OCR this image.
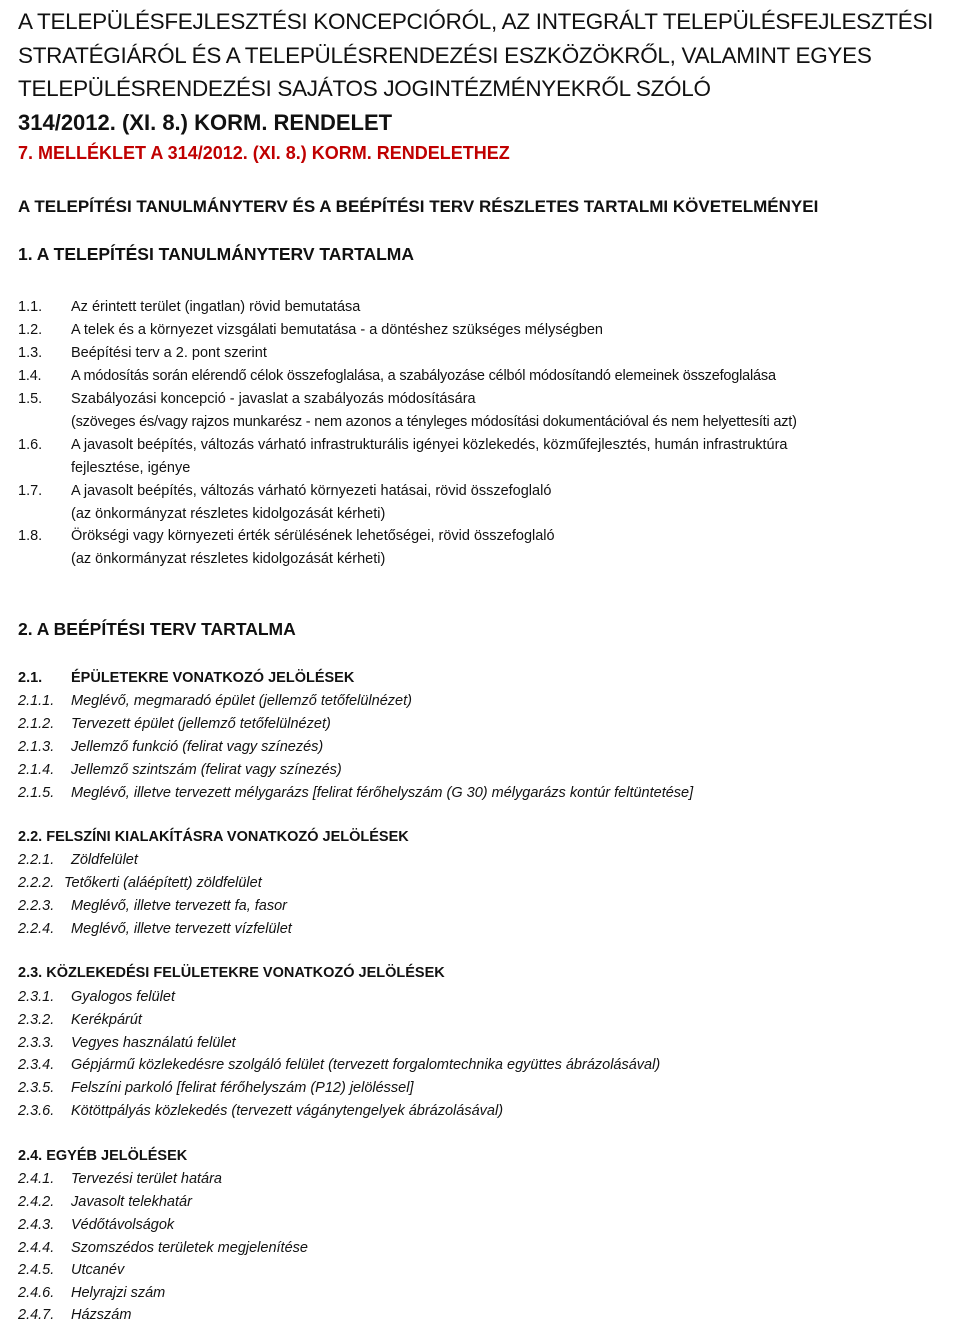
A TELEPÜLÉSFEJLESZTÉSI KONCEPCIÓRÓL, AZ INTEGRÁLT TELEPÜLÉSFEJLESZTÉSI
STRATÉGIÁRÓL ÉS A TELEPÜLÉSRENDEZÉSI ESZKÖZÖKRŐL, VALAMINT EGYES
TELEPÜLÉSRENDEZÉSI SAJÁTOS JOGINTÉZMÉNYEKRŐL SZÓLÓ
314/2012. (XI. 8.) KORM. RENDELET
7. MELLÉKLET A 314/2012. (XI. 8.) KORM. RENDELETHEZ
A TELEPÍTÉSI TANULMÁNYTERV ÉS A BEÉPÍTÉSI TERV RÉSZLETES TARTALMI KÖVETELMÉNYEI
1. A TELEPÍTÉSI TANULMÁNYTERV TARTALMA
1.1. Az érintett terület (ingatlan) rövid bemutatása
1.2. A telek és a környezet vizsgálati bemutatása - a döntéshez szükséges mélységben
1.3. Beépítési terv a 2. pont szerint
1.4. A módosítás során elérendő célok összefoglalása, a szabályozáse célból módosítandó elemeinek összefoglalása
1.5. Szabályozási koncepció - javaslat a szabályozás módosítására
(szöveges és/vagy rajzos munkarész - nem azonos a tényleges módosítási dokumentációval és nem helyettesíti azt)
1.6. A javasolt beépítés, változás várható infrastrukturális igényei közlekedés, közműfejlesztés, humán infrastruktúra
fejlesztése, igénye
1.7. A javasolt beépítés, változás várható környezeti hatásai, rövid összefoglaló
(az önkormányzat részletes kidolgozását kérheti)
1.8. Örökségi vagy környezeti érték sérülésének lehetőségei, rövid összefoglaló
(az önkormányzat részletes kidolgozását kérheti)
2. A BEÉPÍTÉSI TERV TARTALMA
2.1. ÉPÜLETEKRE VONATKOZÓ JELÖLÉSEK
2.1.1. Meglévő, megmaradó épület (jellemző tetőfelülnézet)
2.1.2. Tervezett épület (jellemző tetőfelülnézet)
2.1.3. Jellemző funkció (felirat vagy színezés)
2.1.4. Jellemző szintszám (felirat vagy színezés)
2.1.5. Meglévő, illetve tervezett mélygarázs [felirat férőhelyszám (G 30) mélygarázs kontúr feltüntetése]
2.2. FELSZÍNI KIALAKÍTÁSRA VONATKOZÓ JELÖLÉSEK
2.2.1. Zöldfelület
2.2.2. Tetőkerti (aláépített) zöldfelület
2.2.3. Meglévő, illetve tervezett fa, fasor
2.2.4. Meglévő, illetve tervezett vízfelület
2.3. KÖZLEKEDÉSI FELÜLETEKRE VONATKOZÓ JELÖLÉSEK
2.3.1. Gyalogos felület
2.3.2. Kerékpárút
2.3.3. Vegyes használatú felület
2.3.4. Gépjármű közlekedésre szolgáló felület (tervezett forgalomtechnika együttes ábrázolásával)
2.3.5. Felszíni parkoló [felirat férőhelyszám (P12) jelöléssel]
2.3.6. Kötöttpályás közlekedés (tervezett vágánytengelyek ábrázolásával)
2.4. EGYÉB JELÖLÉSEK
2.4.1. Tervezési terület határa
2.4.2. Javasolt telekhatár
2.4.3. Védőtávolságok
2.4.4. Szomszédos területek megjelenítése
2.4.5. Utcanév
2.4.6. Helyrajzi szám
2.4.7. Házszám
